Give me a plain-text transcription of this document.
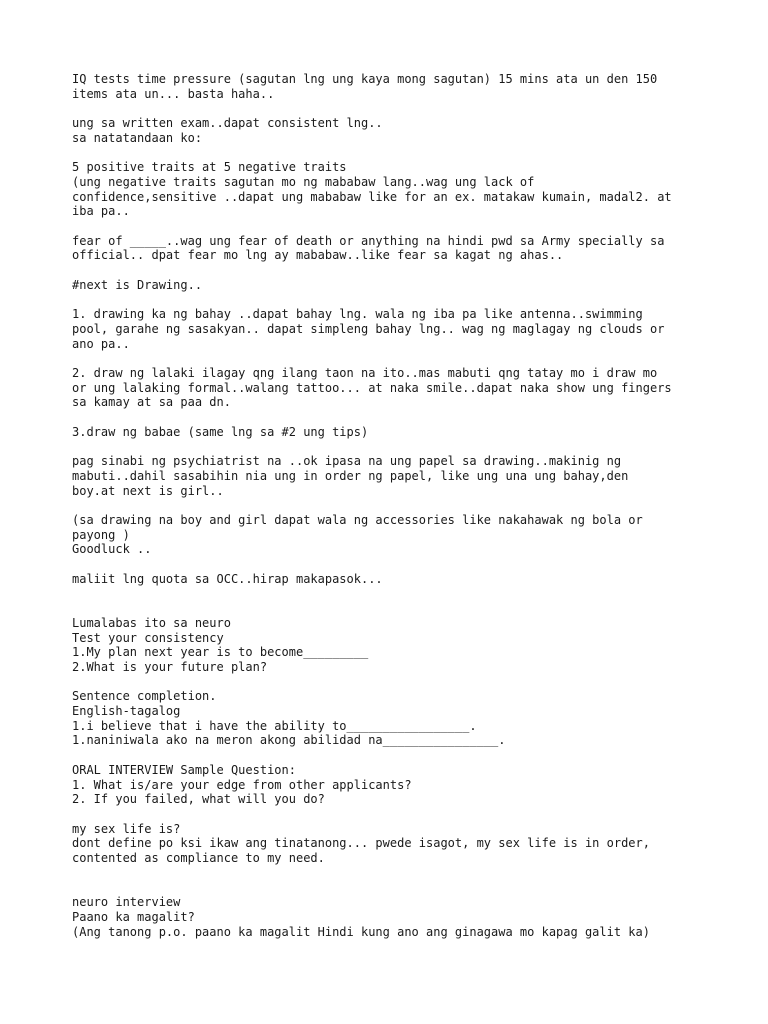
IQ tests time pressure (sagutan lng ung kaya mong sagutan) 15 mins ata un den 150
items ata un... basta haha..
ung sa written exam..dapat consistent lng..
sa natatandaan ko:
5 positive traits at 5 negative traits
(ung negative traits sagutan mo ng mababaw lang..wag ung lack of
confidence,sensitive ..dapat ung mababaw like for an ex. matakaw kumain, madal2. at
iba pa..
fear of _____..wag ung fear of death or anything na hindi pwd sa Army specially sa
official.. dpat fear mo lng ay mababaw..like fear sa kagat ng ahas..
#next is Drawing..
1. drawing ka ng bahay ..dapat bahay lng. wala ng iba pa like antenna..swimming
pool, garahe ng sasakyan.. dapat simpleng bahay lng.. wag ng maglagay ng clouds or
ano pa..
2. draw ng lalaki ilagay qng ilang taon na ito..mas mabuti qng tatay mo i draw mo
or ung lalaking formal..walang tattoo... at naka smile..dapat naka show ung fingers
sa kamay at sa paa dn.
3.draw ng babae (same lng sa #2 ung tips)
pag sinabi ng psychiatrist na ..ok ipasa na ung papel sa drawing..makinig ng
mabuti..dahil sasabihin nia ung in order ng papel, like ung una ung bahay,den
boy.at next is girl..
(sa drawing na boy and girl dapat wala ng accessories like nakahawak ng bola or
payong )
Goodluck ..
maliit lng quota sa OCC..hirap makapasok...
Lumalabas ito sa neuro
Test your consistency
1.My plan next year is to become_________
2.What is your future plan?
Sentence completion.
English-tagalog
1.i believe that i have the ability to_________________.
1.naniniwala ako na meron akong abilidad na________________.
ORAL INTERVIEW Sample Question:
1. What is/are your edge from other applicants?
2. If you failed, what will you do?
my sex life is?
dont define po ksi ikaw ang tinatanong... pwede isagot, my sex life is in order,
contented as compliance to my need.
neuro interview
Paano ka magalit?
(Ang tanong p.o. paano ka magalit Hindi kung ano ang ginagawa mo kapag galit ka)
